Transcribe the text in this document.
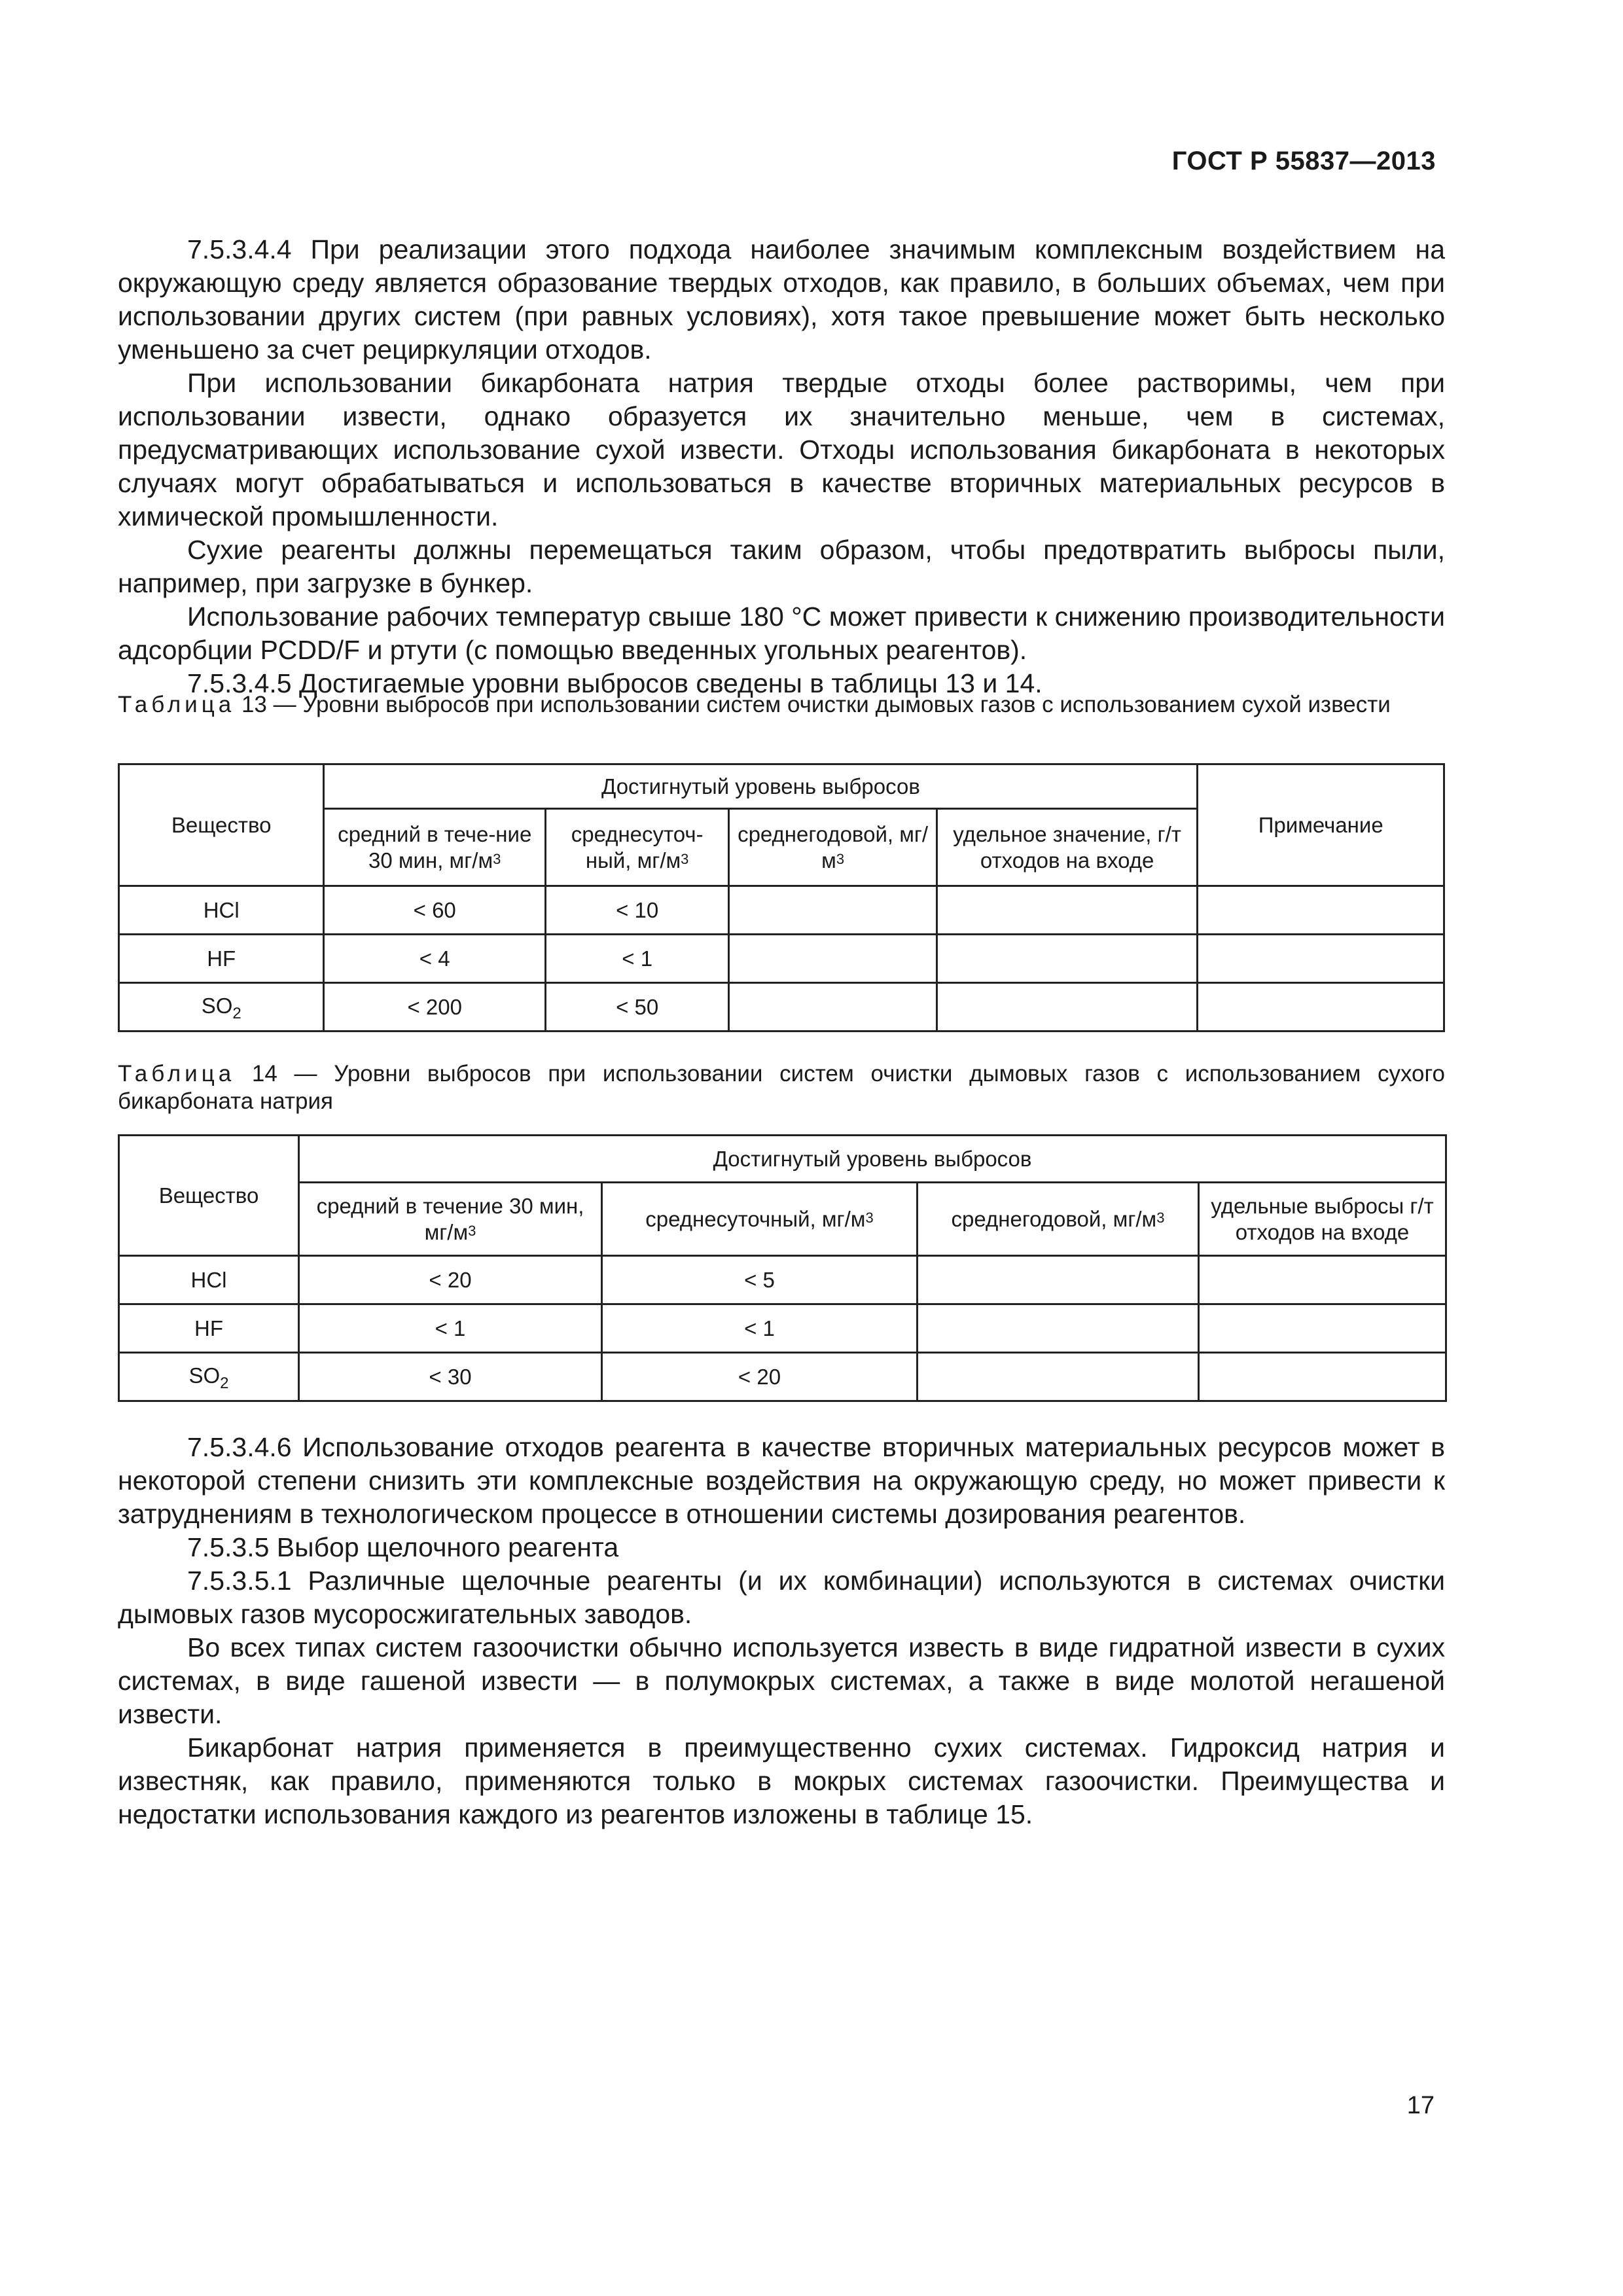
ГОСТ Р 55837—2013

7.5.3.4.4 При реализации этого подхода наиболее значимым комплексным воздействием на окружающую среду является образование твердых отходов, как правило, в больших объемах, чем при использовании других систем (при равных условиях), хотя такое превышение может быть несколько уменьшено за счет рециркуляции отходов.

При использовании бикарбоната натрия твердые отходы более растворимы, чем при использовании извести, однако образуется их значительно меньше, чем в системах, предусматривающих использование сухой извести. Отходы использования бикарбоната в некоторых случаях могут обрабатываться и использоваться в качестве вторичных материальных ресурсов в химической промышленности.

Сухие реагенты должны перемещаться таким образом, чтобы предотвратить выбросы пыли, например, при загрузке в бункер.

Использование рабочих температур свыше 180 °С может привести к снижению производительности адсорбции PCDD/F и ртути (с помощью введенных угольных реагентов).

7.5.3.4.5 Достигаемые уровни выбросов сведены в таблицы 13 и 14.

Таблица 13 — Уровни выбросов при использовании систем очистки дымовых газов с использованием сухой извести

Вещество	Достигнутый уровень выбросов				Примечание
	средний в тече-ние 30 мин, $мг/м^3$	среднесуточ-ный, $мг/м^3$	среднегодовой, $мг/м^3$	удельное значение, г/т отходов на входе	
HCl	< 60	< 10			
HF	< 4	< 1			
$SO_2$	< 200	< 50			

Таблица 14 — Уровни выбросов при использовании систем очистки дымовых газов с использованием сухого бикарбоната натрия

Вещество	Достигнутый уровень выбросов			
	средний в течение 30 мин, $мг/м^3$	среднесуточный, $мг/м^3$	среднегодовой, $мг/м^3$	удельные выбросы г/т отходов на входе
HCl	< 20	< 5		
HF	< 1	< 1		
$SO_2$	< 30	< 20		

7.5.3.4.6 Использование отходов реагента в качестве вторичных материальных ресурсов может в некоторой степени снизить эти комплексные воздействия на окружающую среду, но может привести к затруднениям в технологическом процессе в отношении системы дозирования реагентов.

7.5.3.5 Выбор щелочного реагента

7.5.3.5.1 Различные щелочные реагенты (и их комбинации) используются в системах очистки дымовых газов мусоросжигательных заводов.

Во всех типах систем газоочистки обычно используется известь в виде гидратной извести в сухих системах, в виде гашеной извести — в полумокрых системах, а также в виде молотой негашеной извести.

Бикарбонат натрия применяется в преимущественно сухих системах. Гидроксид натрия и известняк, как правило, применяются только в мокрых системах газоочистки. Преимущества и недостатки использования каждого из реагентов изложены в таблице 15.

17
